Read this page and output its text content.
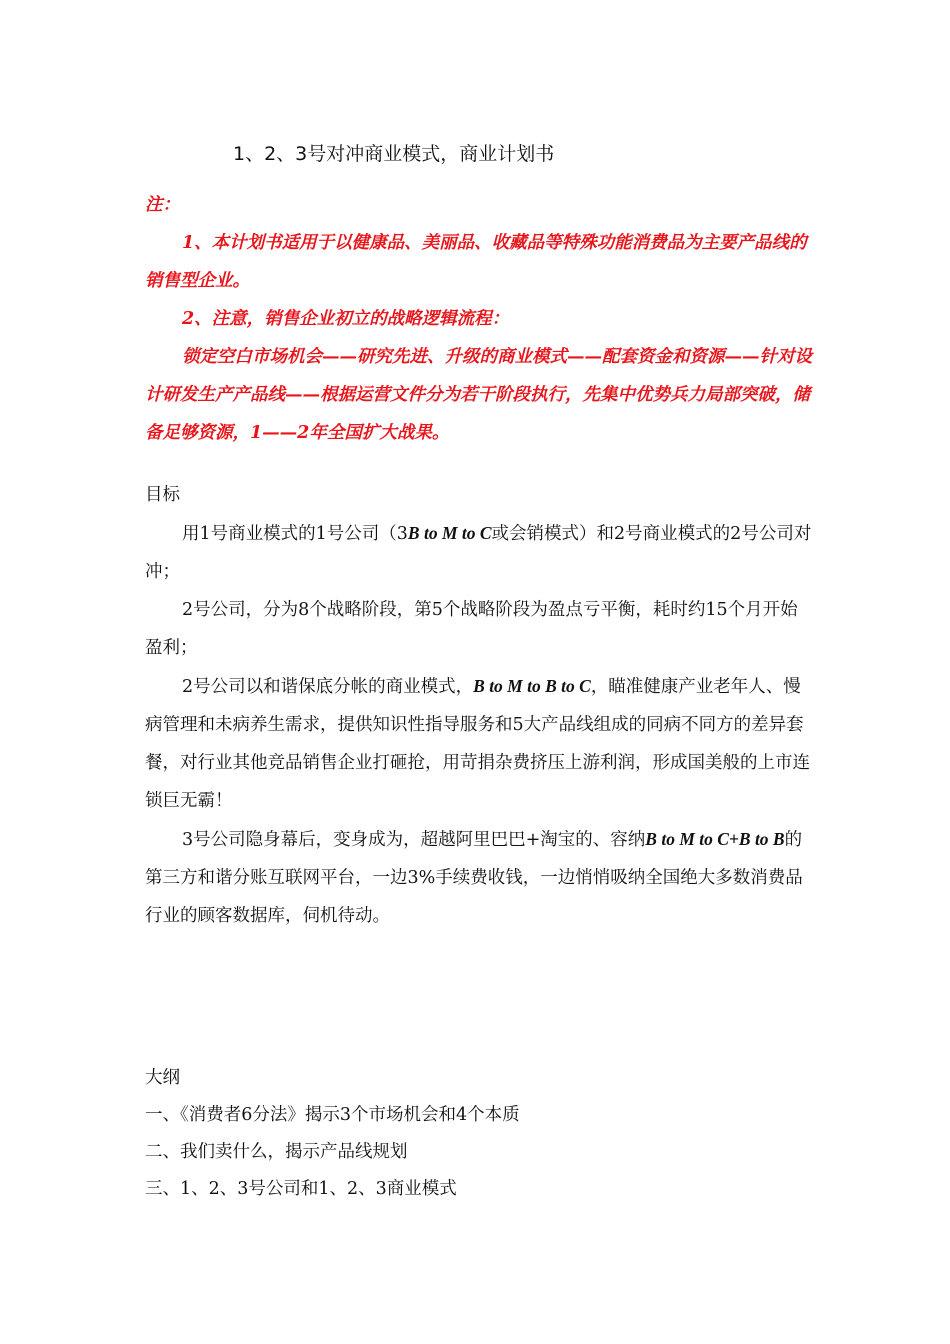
1、2、3号对冲商业模式，商业计划书

注：

1、本计划书适用于以健康品、美丽品、收藏品等特殊功能消费品为主要产品线的销售型企业。

2、注意，销售企业初立的战略逻辑流程：

锁定空白市场机会——研究先进、升级的商业模式——配套资金和资源——针对设计研发生产产品线——根据运营文件分为若干阶段执行，先集中优势兵力局部突破，储备足够资源，1——2年全国扩大战果。

目标

用1号商业模式的1号公司（3B to M to C或会销模式）和2号商业模式的2号公司对冲；

2号公司，分为8个战略阶段，第5个战略阶段为盈点亏平衡，耗时约15个月开始盈利；

2号公司以和谐保底分帐的商业模式，B to M to B to C，瞄准健康产业老年人、慢病管理和未病养生需求，提供知识性指导服务和5大产品线组成的同病不同方的差异套餐，对行业其他竞品销售企业打砸抢，用苛捐杂费挤压上游利润，形成国美般的上市连锁巨无霸！

3号公司隐身幕后，变身成为，超越阿里巴巴+淘宝的、容纳B to M to C+B to B的第三方和谐分账互联网平台，一边3%手续费收钱，一边悄悄吸纳全国绝大多数消费品行业的顾客数据库，伺机待动。

大纲

一、《消费者6分法》揭示3个市场机会和4个本质

二、我们卖什么，揭示产品线规划

三、1、2、3号公司和1、2、3商业模式
